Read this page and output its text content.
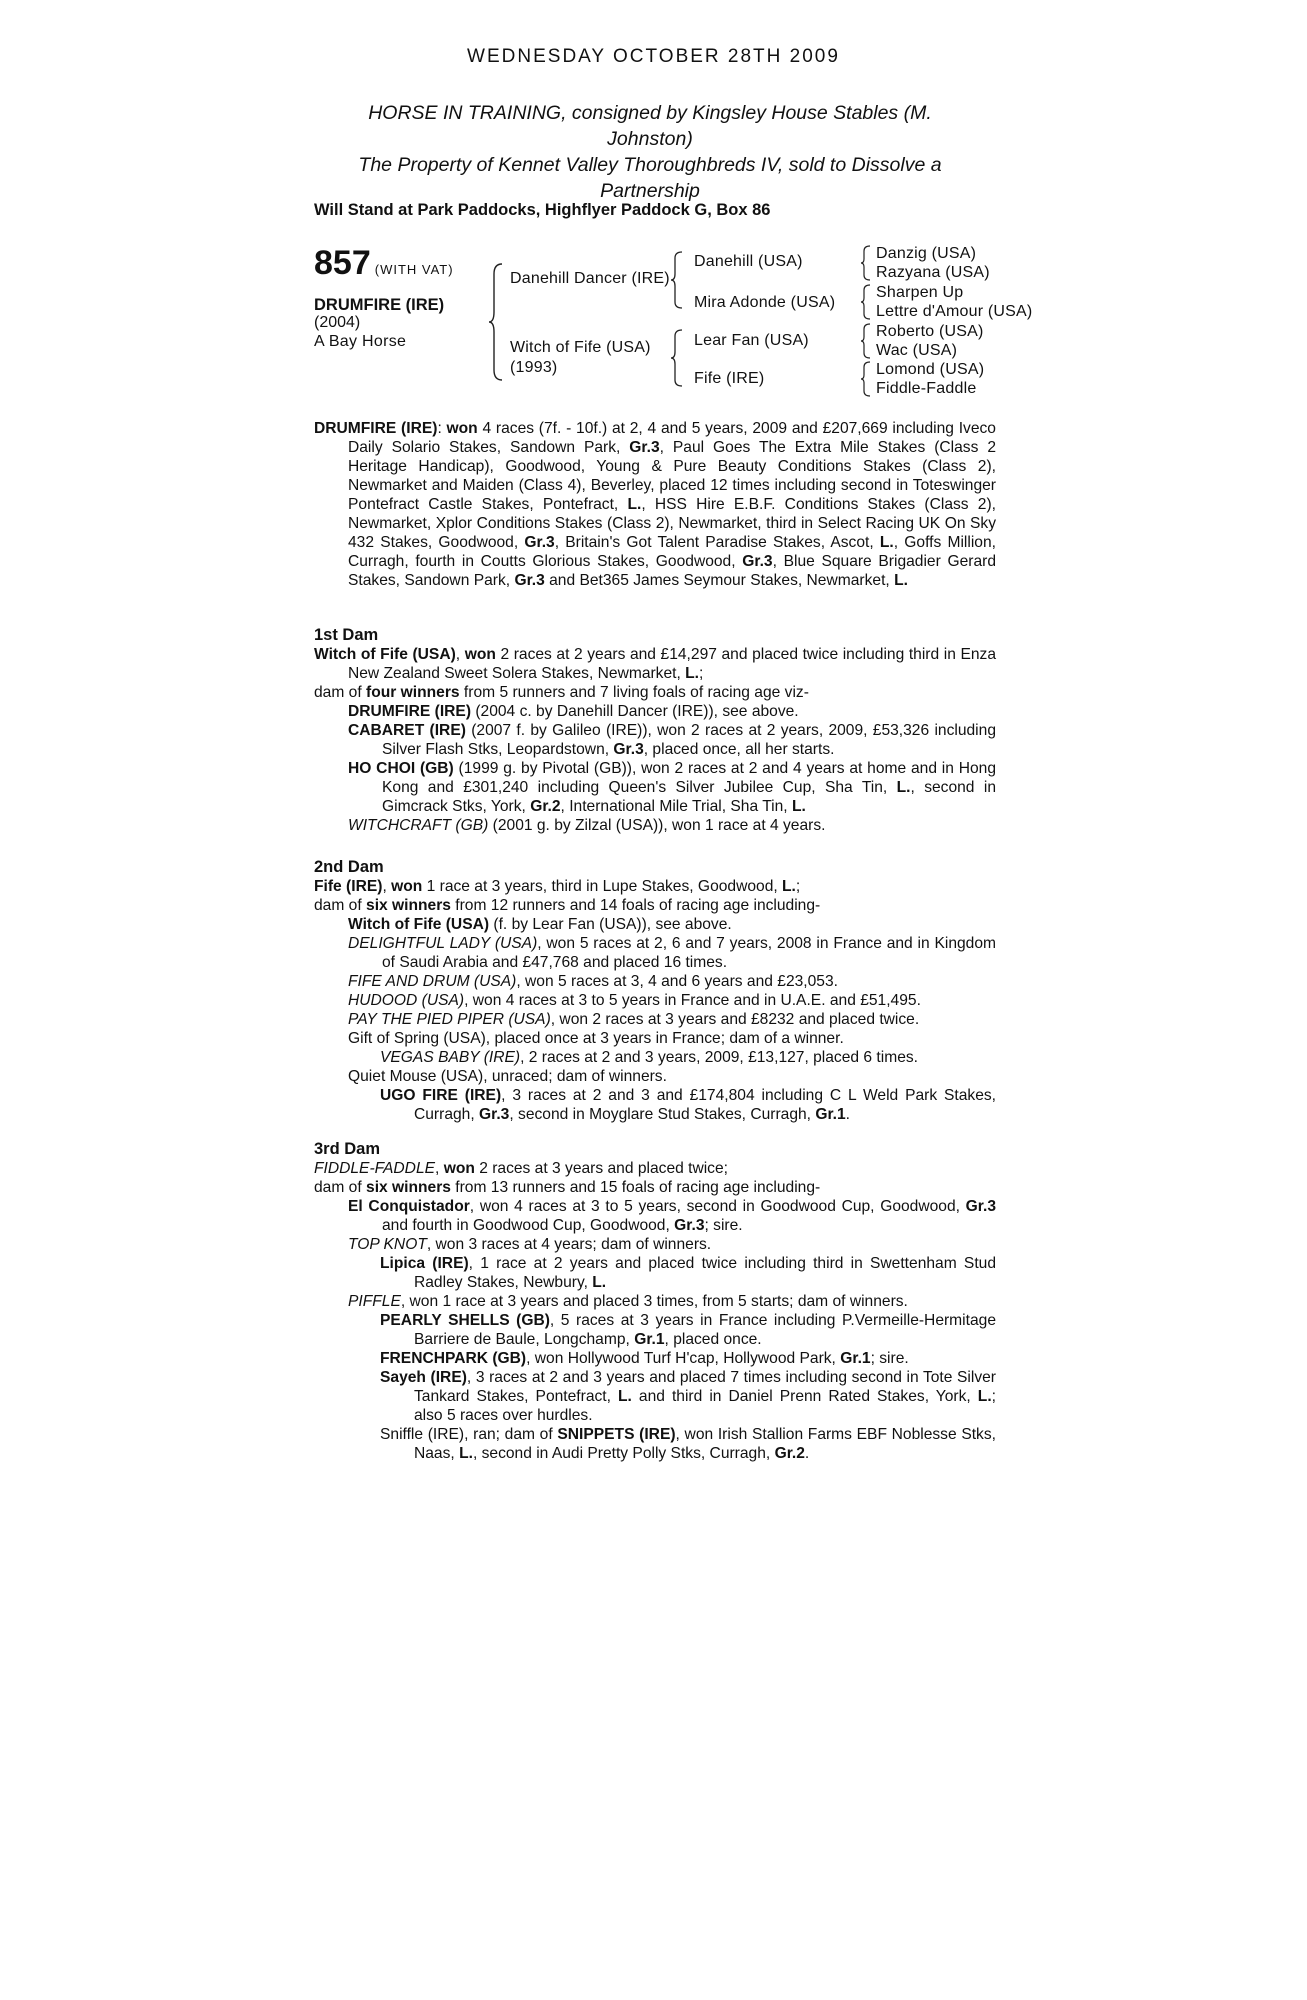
WEDNESDAY OCTOBER 28TH 2009
HORSE IN TRAINING, consigned by Kingsley House Stables (M. Johnston)
The Property of Kennet Valley Thoroughbreds IV, sold to Dissolve a Partnership
Will Stand at Park Paddocks, Highflyer Paddock G, Box 86
857 (WITH VAT)
DRUMFIRE (IRE)
(2004)
A Bay Horse
Danehill Dancer (IRE)
Witch of Fife (USA)
(1993)
Danehill (USA)
Mira Adonde (USA)
Lear Fan (USA)
Fife (IRE)
Danzig (USA)
Razyana (USA)
Sharpen Up
Lettre d'Amour (USA)
Roberto (USA)
Wac (USA)
Lomond (USA)
Fiddle-Faddle

DRUMFIRE (IRE): won 4 races (7f. - 10f.) at 2, 4 and 5 years, 2009 and £207,669 including Iveco Daily Solario Stakes, Sandown Park, Gr.3, Paul Goes The Extra Mile Stakes (Class 2 Heritage Handicap), Goodwood, Young & Pure Beauty Conditions Stakes (Class 2), Newmarket and Maiden (Class 4), Beverley, placed 12 times including second in Toteswinger Pontefract Castle Stakes, Pontefract, L., HSS Hire E.B.F. Conditions Stakes (Class 2), Newmarket, Xplor Conditions Stakes (Class 2), Newmarket, third in Select Racing UK On Sky 432 Stakes, Goodwood, Gr.3, Britain's Got Talent Paradise Stakes, Ascot, L., Goffs Million, Curragh, fourth in Coutts Glorious Stakes, Goodwood, Gr.3, Blue Square Brigadier Gerard Stakes, Sandown Park, Gr.3 and Bet365 James Seymour Stakes, Newmarket, L.

1st Dam

Witch of Fife (USA), won 2 races at 2 years and £14,297 and placed twice including third in Enza New Zealand Sweet Solera Stakes, Newmarket, L.;

dam of four winners from 5 runners and 7 living foals of racing age viz-

DRUMFIRE (IRE) (2004 c. by Danehill Dancer (IRE)), see above.

CABARET (IRE) (2007 f. by Galileo (IRE)), won 2 races at 2 years, 2009, £53,326 including Silver Flash Stks, Leopardstown, Gr.3, placed once, all her starts.

HO CHOI (GB) (1999 g. by Pivotal (GB)), won 2 races at 2 and 4 years at home and in Hong Kong and £301,240 including Queen's Silver Jubilee Cup, Sha Tin, L., second in Gimcrack Stks, York, Gr.2, International Mile Trial, Sha Tin, L.

WITCHCRAFT (GB) (2001 g. by Zilzal (USA)), won 1 race at 4 years.

2nd Dam

Fife (IRE), won 1 race at 3 years, third in Lupe Stakes, Goodwood, L.;

dam of six winners from 12 runners and 14 foals of racing age including-

Witch of Fife (USA) (f. by Lear Fan (USA)), see above.

DELIGHTFUL LADY (USA), won 5 races at 2, 6 and 7 years, 2008 in France and in Kingdom of Saudi Arabia and £47,768 and placed 16 times.

FIFE AND DRUM (USA), won 5 races at 3, 4 and 6 years and £23,053.

HUDOOD (USA), won 4 races at 3 to 5 years in France and in U.A.E. and £51,495.

PAY THE PIED PIPER (USA), won 2 races at 3 years and £8232 and placed twice.

Gift of Spring (USA), placed once at 3 years in France; dam of a winner.

VEGAS BABY (IRE), 2 races at 2 and 3 years, 2009, £13,127, placed 6 times.

Quiet Mouse (USA), unraced; dam of winners.

UGO FIRE (IRE), 3 races at 2 and 3 and £174,804 including C L Weld Park Stakes, Curragh, Gr.3, second in Moyglare Stud Stakes, Curragh, Gr.1.

3rd Dam

FIDDLE-FADDLE, won 2 races at 3 years and placed twice;

dam of six winners from 13 runners and 15 foals of racing age including-

El Conquistador, won 4 races at 3 to 5 years, second in Goodwood Cup, Goodwood, Gr.3 and fourth in Goodwood Cup, Goodwood, Gr.3; sire.

TOP KNOT, won 3 races at 4 years; dam of winners.

Lipica (IRE), 1 race at 2 years and placed twice including third in Swettenham Stud Radley Stakes, Newbury, L.

PIFFLE, won 1 race at 3 years and placed 3 times, from 5 starts; dam of winners.

PEARLY SHELLS (GB), 5 races at 3 years in France including P.Vermeille-Hermitage Barriere de Baule, Longchamp, Gr.1, placed once.

FRENCHPARK (GB), won Hollywood Turf H'cap, Hollywood Park, Gr.1; sire.

Sayeh (IRE), 3 races at 2 and 3 years and placed 7 times including second in Tote Silver Tankard Stakes, Pontefract, L. and third in Daniel Prenn Rated Stakes, York, L.; also 5 races over hurdles.

Sniffle (IRE), ran; dam of SNIPPETS (IRE), won Irish Stallion Farms EBF Noblesse Stks, Naas, L., second in Audi Pretty Polly Stks, Curragh, Gr.2.
